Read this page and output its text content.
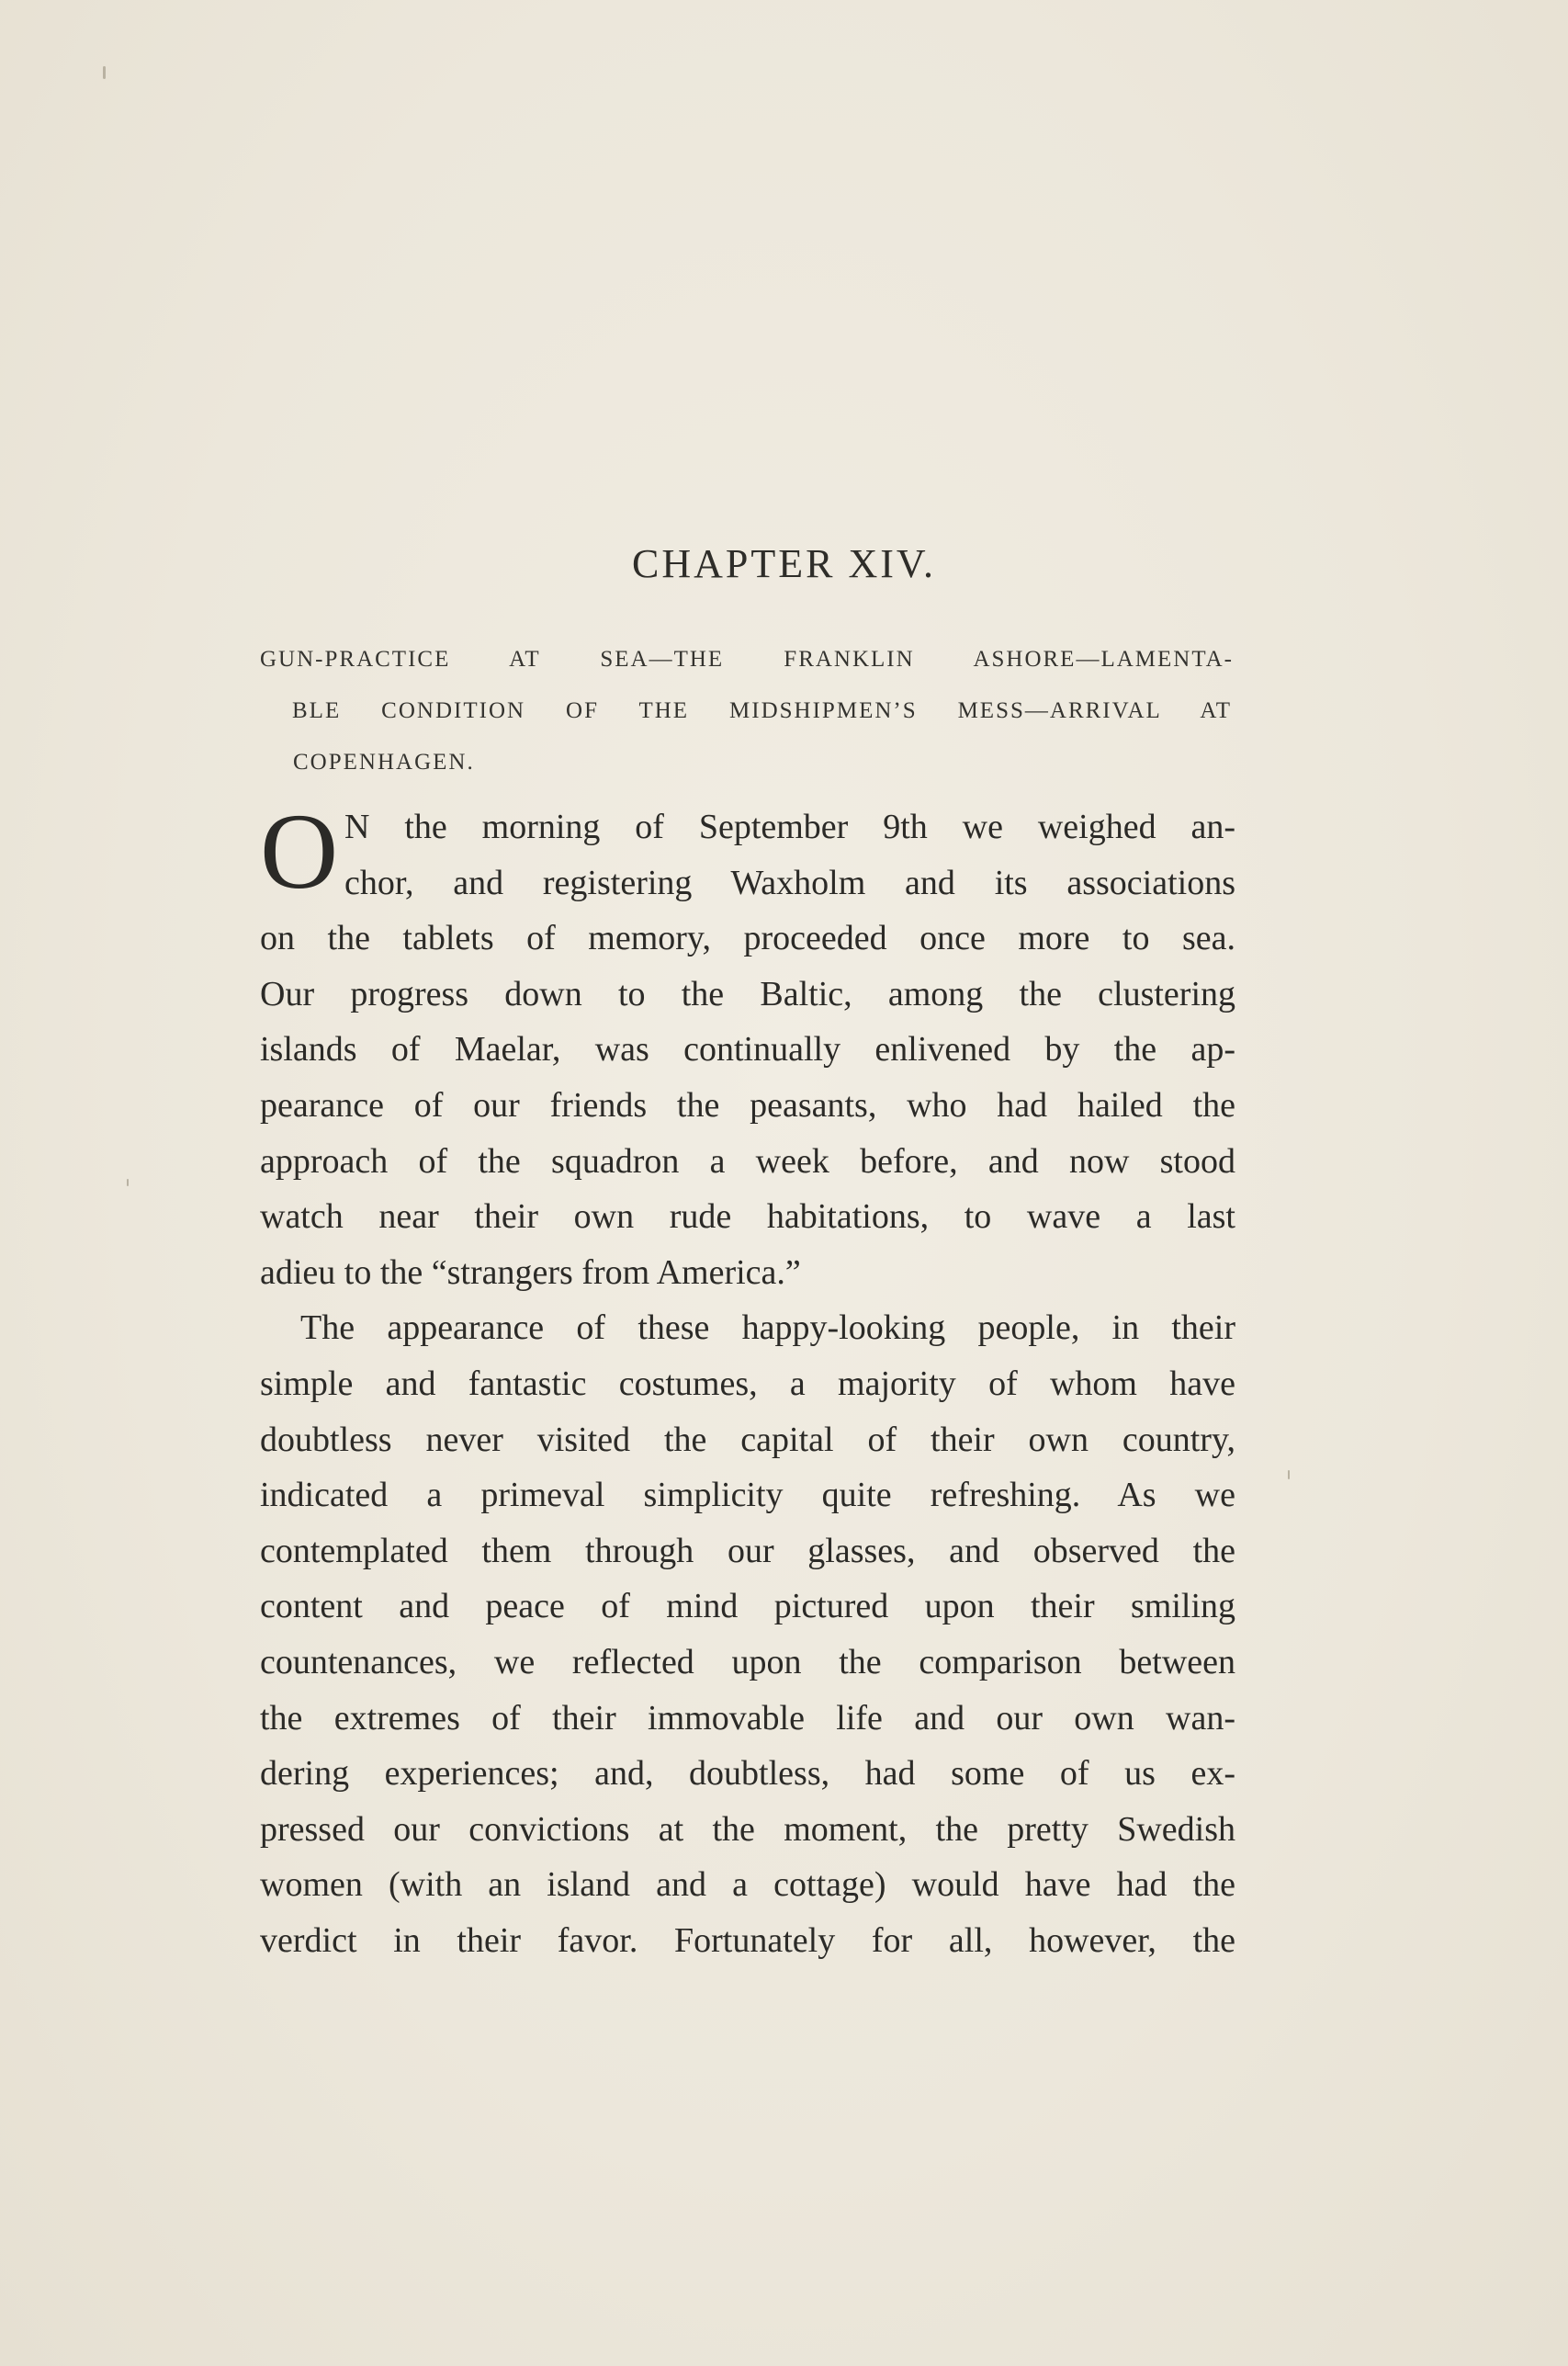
CHAPTER XIV.
GUN-PRACTICE AT SEA—THE FRANKLIN ASHORE—LAMENTA-
BLE CONDITION OF THE MIDSHIPMEN’S MESS—ARRIVAL AT
COPENHAGEN.
O N the morning of September 9th we weighed an-
chor, and registering Waxholm and its associations
on the tablets of memory, proceeded once more to sea.
Our progress down to the Baltic, among the clustering
islands of Maelar, was continually enlivened by the ap-
pearance of our friends the peasants, who had hailed the
approach of the squadron a week before, and now stood
watch near their own rude habitations, to wave a last
adieu to the “strangers from America.”
The appearance of these happy-looking people, in their
simple and fantastic costumes, a majority of whom have
doubtless never visited the capital of their own country,
indicated a primeval simplicity quite refreshing. As we
contemplated them through our glasses, and observed the
content and peace of mind pictured upon their smiling
countenances, we reflected upon the comparison between
the extremes of their immovable life and our own wan-
dering experiences; and, doubtless, had some of us ex-
pressed our convictions at the moment, the pretty Swedish
women (with an island and a cottage) would have had the
verdict in their favor. Fortunately for all, however, the
